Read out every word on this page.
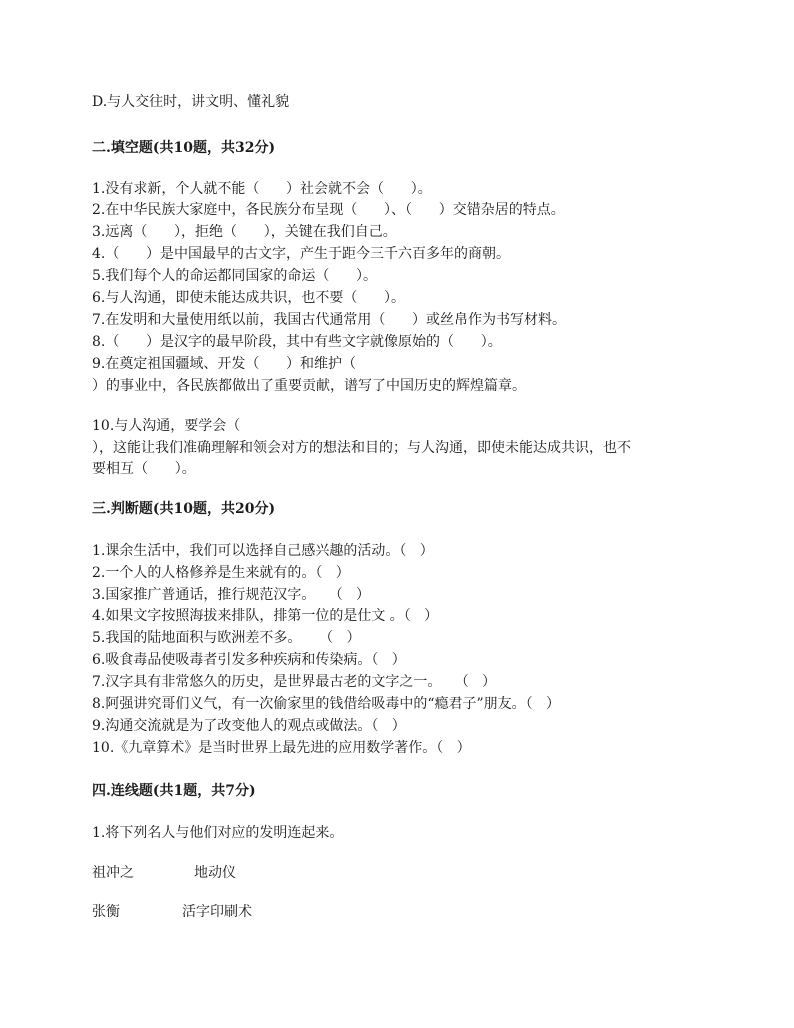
D.与人交往时，讲文明、懂礼貌
二.填空题(共10题，共32分)
1.没有求新，个人就不能（      ）社会就不会（      ）。
2.在中华民族大家庭中，各民族分布呈现（      ）、（      ）交错杂居的特点。
3.远离（      ），拒绝（      ），关键在我们自己。
4.（      ）是中国最早的古文字，产生于距今三千六百多年的商朝。
5.我们每个人的命运都同国家的命运（      ）。
6.与人沟通，即使未能达成共识，也不要（      ）。
7.在发明和大量使用纸以前，我国古代通常用（      ）或丝帛作为书写材料。
8.（      ）是汉字的最早阶段，其中有些文字就像原始的（      ）。
9.在奠定祖国疆域、开发（      ）和维护（
）的事业中，各民族都做出了重要贡献，谱写了中国历史的辉煌篇章。
10.与人沟通，要学会（
），这能让我们准确理解和领会对方的想法和目的；与人沟通，即使未能达成共识，也不
要相互（      ）。
三.判断题(共10题，共20分)
1.课余生活中，我们可以选择自己感兴趣的活动。（   ）
2.一个人的人格修养是生来就有的。（   ）
3.国家推广普通话，推行规范汉字。   （   ）
4.如果文字按照海拔来排队，排第一位的是仕文 。（   ）
5.我国的陆地面积与欧洲差不多。    （   ）
6.吸食毒品使吸毒者引发多种疾病和传染病。（   ）
7.汉字具有非常悠久的历史，是世界最古老的文字之一。   （   ）
8.阿强讲究哥们义气，有一次偷家里的钱借给吸毒中的“瘾君子”朋友。（   ）
9.沟通交流就是为了改变他人的观点或做法。（   ）
10.《九章算术》是当时世界上最先进的应用数学著作。（   ）
四.连线题(共1题，共7分)
1.将下列名人与他们对应的发明连起来。
祖冲之	地动仪
张衡	活字印刷术
